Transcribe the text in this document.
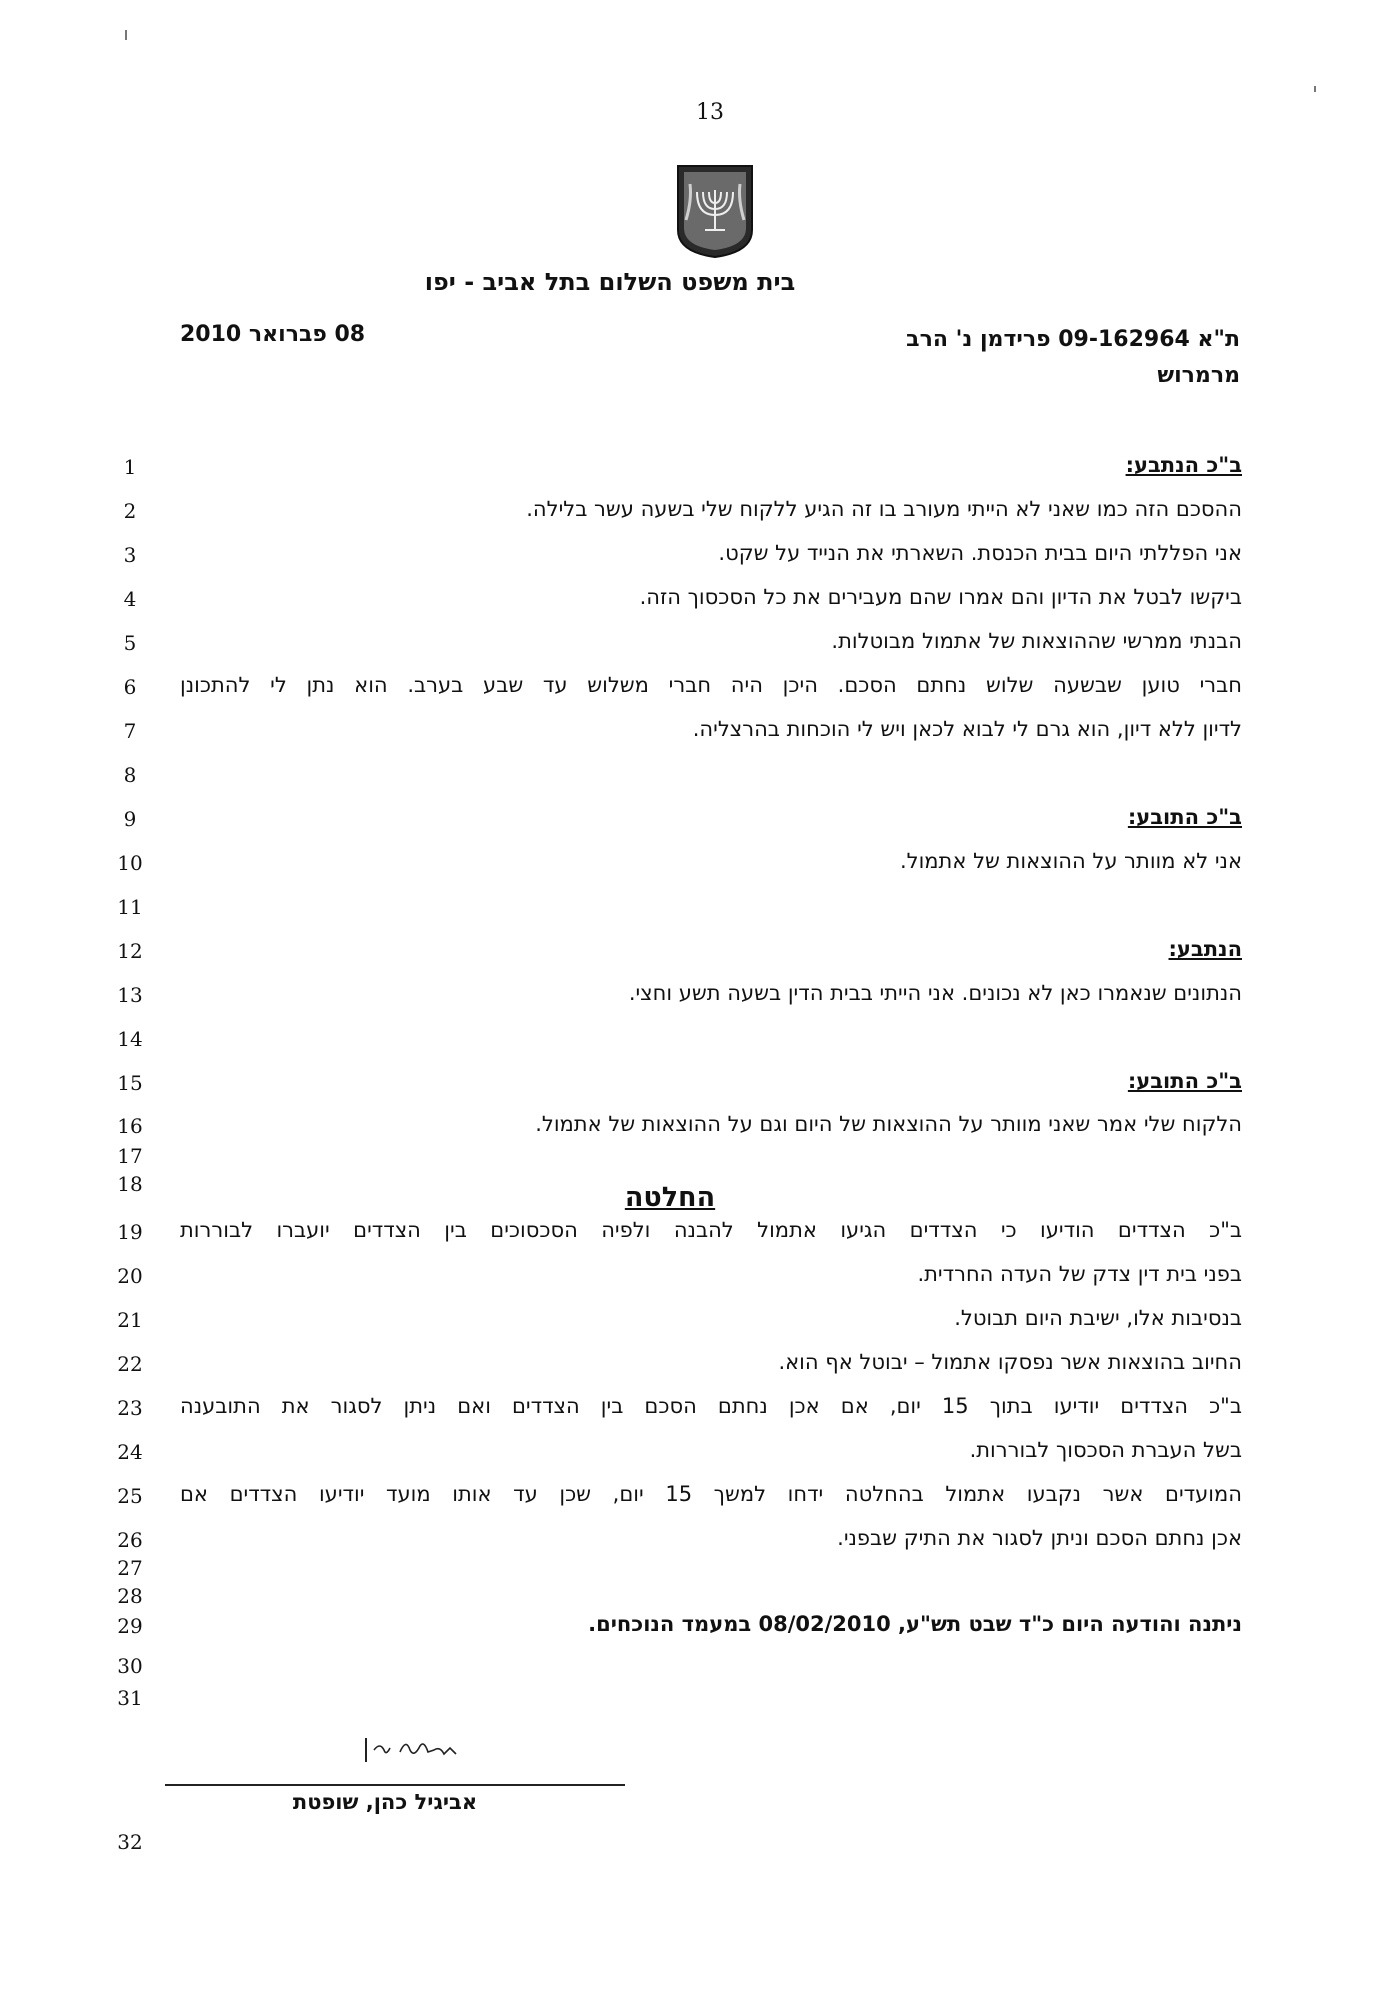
13
בית משפט השלום בתל אביב - יפו
08 פברואר 2010	ת"א 09-162964 פרידמן נ' הרב
מרמרוש
1	ב"כ הנתבע:
2	ההסכם הזה כמו שאני לא הייתי מעורב בו זה הגיע ללקוח שלי בשעה עשר בלילה.
3	אני הפללתי היום בבית הכנסת. השארתי את הנייד על שקט.
4	ביקשו לבטל את הדיון והם אמרו שהם מעבירים את כל הסכסוך הזה.
5	הבנתי ממרשי שההוצאות של אתמול מבוטלות.
6	חברי טוען שבשעה שלוש נחתם הסכם. היכן היה חברי משלוש עד שבע בערב. הוא נתן לי להתכונן
7	לדיון ללא דיון, הוא גרם לי לבוא לכאן ויש לי הוכחות בהרצליה.
8
9	ב"כ התובע:
10	אני לא מוותר על ההוצאות של אתמול.
11
12	הנתבע:
13	הנתונים שנאמרו כאן לא נכונים. אני הייתי בבית הדין בשעה תשע וחצי.
14
15	ב"כ התובע:
16	הלקוח שלי אמר שאני מוותר על ההוצאות של היום וגם על ההוצאות של אתמול.
17
18
19	ב"כ הצדדים הודיעו כי הצדדים הגיעו אתמול להבנה ולפיה הסכסוכים בין הצדדים יועברו לבוררות
20	בפני בית דין צדק של העדה החרדית.
21	בנסיבות אלו, ישיבת היום תבוטל.
22	החיוב בהוצאות אשר נפסקו אתמול – יבוטל אף הוא.
23	ב"כ הצדדים יודיעו בתוך 15 יום, אם אכן נחתם הסכם בין הצדדים ואם ניתן לסגור את התובענה
24	בשל העברת הסכסוך לבוררות.
25	המועדים אשר נקבעו אתמול בהחלטה ידחו למשך 15 יום, שכן עד אותו מועד יודיעו הצדדים אם
26	אכן נחתם הסכם וניתן לסגור את התיק שבפני.
27
28
29	ניתנה והודעה היום כ"ד שבט תש"ע, 08/02/2010 במעמד הנוכחים.
30
31
32
החלטה
אביגיל כהן, שופטת
